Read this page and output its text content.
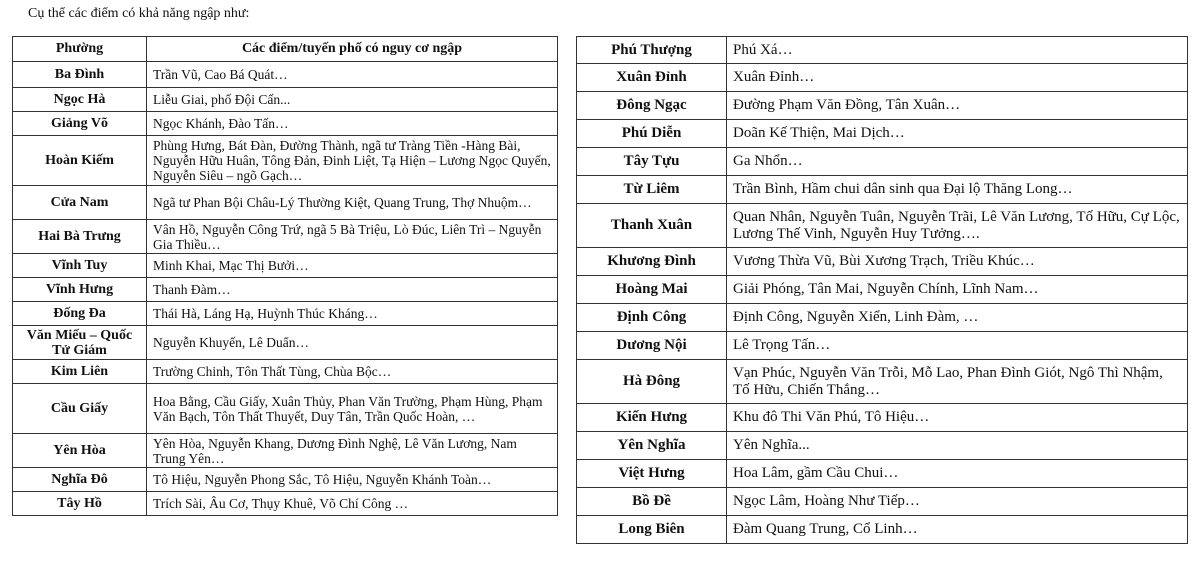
Cụ thể các điểm có khả năng ngập như:
Phường	Các điểm/tuyến phố có nguy cơ ngập
Ba Đình	Trần Vũ, Cao Bá Quát…
Ngọc Hà	Liễu Giai, phố Đội Cấn...
Giảng Võ	Ngọc Khánh, Đào Tấn…
Hoàn Kiếm	Phùng Hưng, Bát Đàn, Đường Thành, ngã tư Tràng Tiền -Hàng Bài, Nguyễn Hữu Huân, Tông Đản, Đinh Liệt, Tạ Hiện – Lương Ngọc Quyến, Nguyễn Siêu – ngõ Gạch…
Cửa Nam	Ngã tư Phan Bội Châu-Lý Thường Kiệt, Quang Trung, Thợ Nhuộm…
Hai Bà Trưng	Vân Hồ, Nguyễn Công Trứ, ngã 5 Bà Triệu, Lò Đúc, Liên Trì – Nguyễn Gia Thiều…
Vĩnh Tuy	Minh Khai, Mạc Thị Bưởi…
Vĩnh Hưng	Thanh Đàm…
Đống Đa	Thái Hà, Láng Hạ, Huỳnh Thúc Kháng…
Văn Miếu – Quốc Tử Giám	Nguyễn Khuyến, Lê Duẩn…
Kim Liên	Trường Chinh, Tôn Thất Tùng, Chùa Bộc…
Cầu Giấy	Hoa Bằng, Cầu Giấy, Xuân Thủy, Phan Văn Trường, Phạm Hùng, Phạm Văn Bạch, Tôn Thất Thuyết, Duy Tân, Trần Quốc Hoàn, …
Yên Hòa	Yên Hòa, Nguyễn Khang, Dương Đình Nghệ, Lê Văn Lương, Nam Trung Yên…
Nghĩa Đô	Tô Hiệu, Nguyễn Phong Sắc, Tô Hiệu, Nguyễn Khánh Toàn…
Tây Hồ	Trích Sài, Âu Cơ, Thụy Khuê, Võ Chí Công …
Phú Thượng	Phú Xá…
Xuân Đỉnh	Xuân Đỉnh…
Đông Ngạc	Đường Phạm Văn Đồng, Tân Xuân…
Phú Diễn	Doãn Kế Thiện, Mai Dịch…
Tây Tựu	Ga Nhổn…
Từ Liêm	Trần Bình, Hầm chui dân sinh qua Đại lộ Thăng Long…
Thanh Xuân	Quan Nhân, Nguyễn Tuân, Nguyễn Trãi, Lê Văn Lương, Tố Hữu, Cự Lộc, Lương Thế Vinh, Nguyễn Huy Tưởng….
Khương Đình	Vương Thừa Vũ, Bùi Xương Trạch, Triều Khúc…
Hoàng Mai	Giải Phóng, Tân Mai, Nguyễn Chính, Lĩnh Nam…
Định Công	Định Công, Nguyễn Xiển, Linh Đàm, …
Dương Nội	Lê Trọng Tấn…
Hà Đông	Vạn Phúc, Nguyễn Văn Trỗi, Mỗ Lao, Phan Đình Giót, Ngô Thì Nhậm, Tố Hữu, Chiến Thắng…
Kiến Hưng	Khu đô Thi Văn Phú, Tô Hiệu…
Yên Nghĩa	Yên Nghĩa...
Việt Hưng	Hoa Lâm, gầm Cầu Chui…
Bồ Đề	Ngọc Lâm, Hoàng Như Tiếp…
Long Biên	Đàm Quang Trung, Cổ Linh…
